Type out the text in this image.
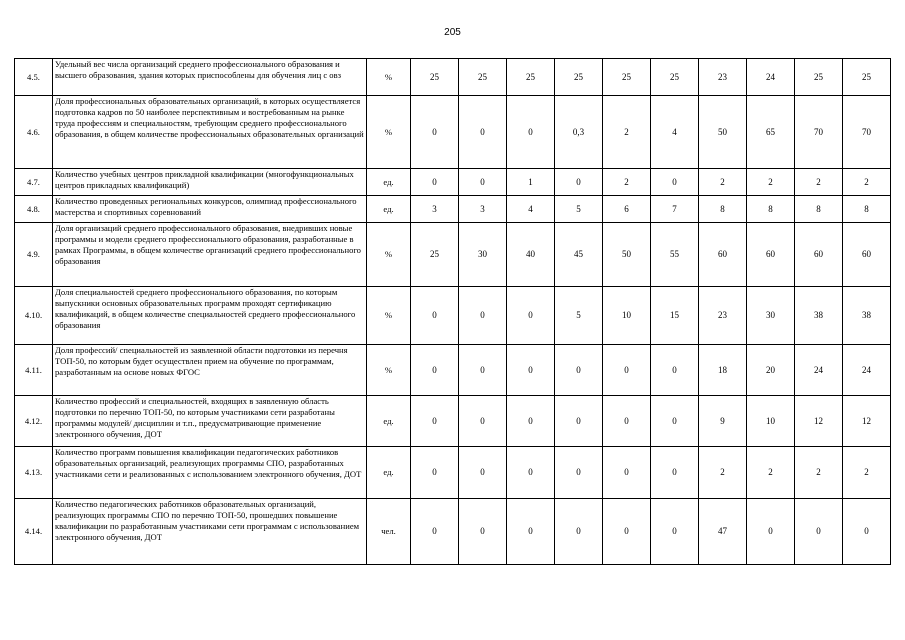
205
4.5.	Удельный вес числа организаций среднего профессионального образования и высшего образования, здания которых приспособлены для обучения лиц с овз	%	25	25	25	25	25	25	23	24	25	25
4.6.	Доля профессиональных образовательных организаций, в которых осуществляется подготовка кадров по 50 наиболее перспективным и востребованным на рынке труда профессиям и специальностям, требующим среднего профессионального образования, в общем количестве профессиональных образовательных организаций	%	0	0	0	0,3	2	4	50	65	70	70
4.7.	Количество учебных центров прикладной квалификации (многофункциональных центров прикладных квалификаций)	ед.	0	0	1	0	2	0	2	2	2	2
4.8.	Количество проведенных региональных конкурсов, олимпиад профессионального мастерства и спортивных соревнований	ед.	3	3	4	5	6	7	8	8	8	8
4.9.	Доля организаций среднего профессионального образования, внедривших новые программы и модели среднего профессионального образования, разработанные в рамках Программы, в общем количестве организаций среднего профессионального образования	%	25	30	40	45	50	55	60	60	60	60
4.10.	Доля специальностей среднего профессионального образования, по которым выпускники основных образовательных программ проходят сертификацию квалификаций, в общем количестве специальностей среднего профессионального образования	%	0	0	0	5	10	15	23	30	38	38
4.11.	Доля профессий/ специальностей из заявленной области подготовки из перечня ТОП-50, по которым будет осуществлен прием на обучение по программам, разработанным на основе новых ФГОС	%	0	0	0	0	0	0	18	20	24	24
4.12.	Количество профессий и специальностей, входящих в заявленную область подготовки по перечню ТОП-50, по которым участниками сети разработаны программы модулей/ дисциплин и т.п., предусматривающие применение электронного обучения, ДОТ	ед.	0	0	0	0	0	0	9	10	12	12
4.13.	Количество программ повышения квалификации педагогических работников образовательных организаций, реализующих программы СПО, разработанных участниками сети и реализованных с использованием электронного обучения, ДОТ	ед.	0	0	0	0	0	0	2	2	2	2
4.14.	Количество педагогических работников образовательных организаций, реализующих программы СПО по перечню ТОП-50, прошедших повышение квалификации по разработанным участниками сети программам с использованием электронного обучения, ДОТ	чел.	0	0	0	0	0	0	47	0	0	0
